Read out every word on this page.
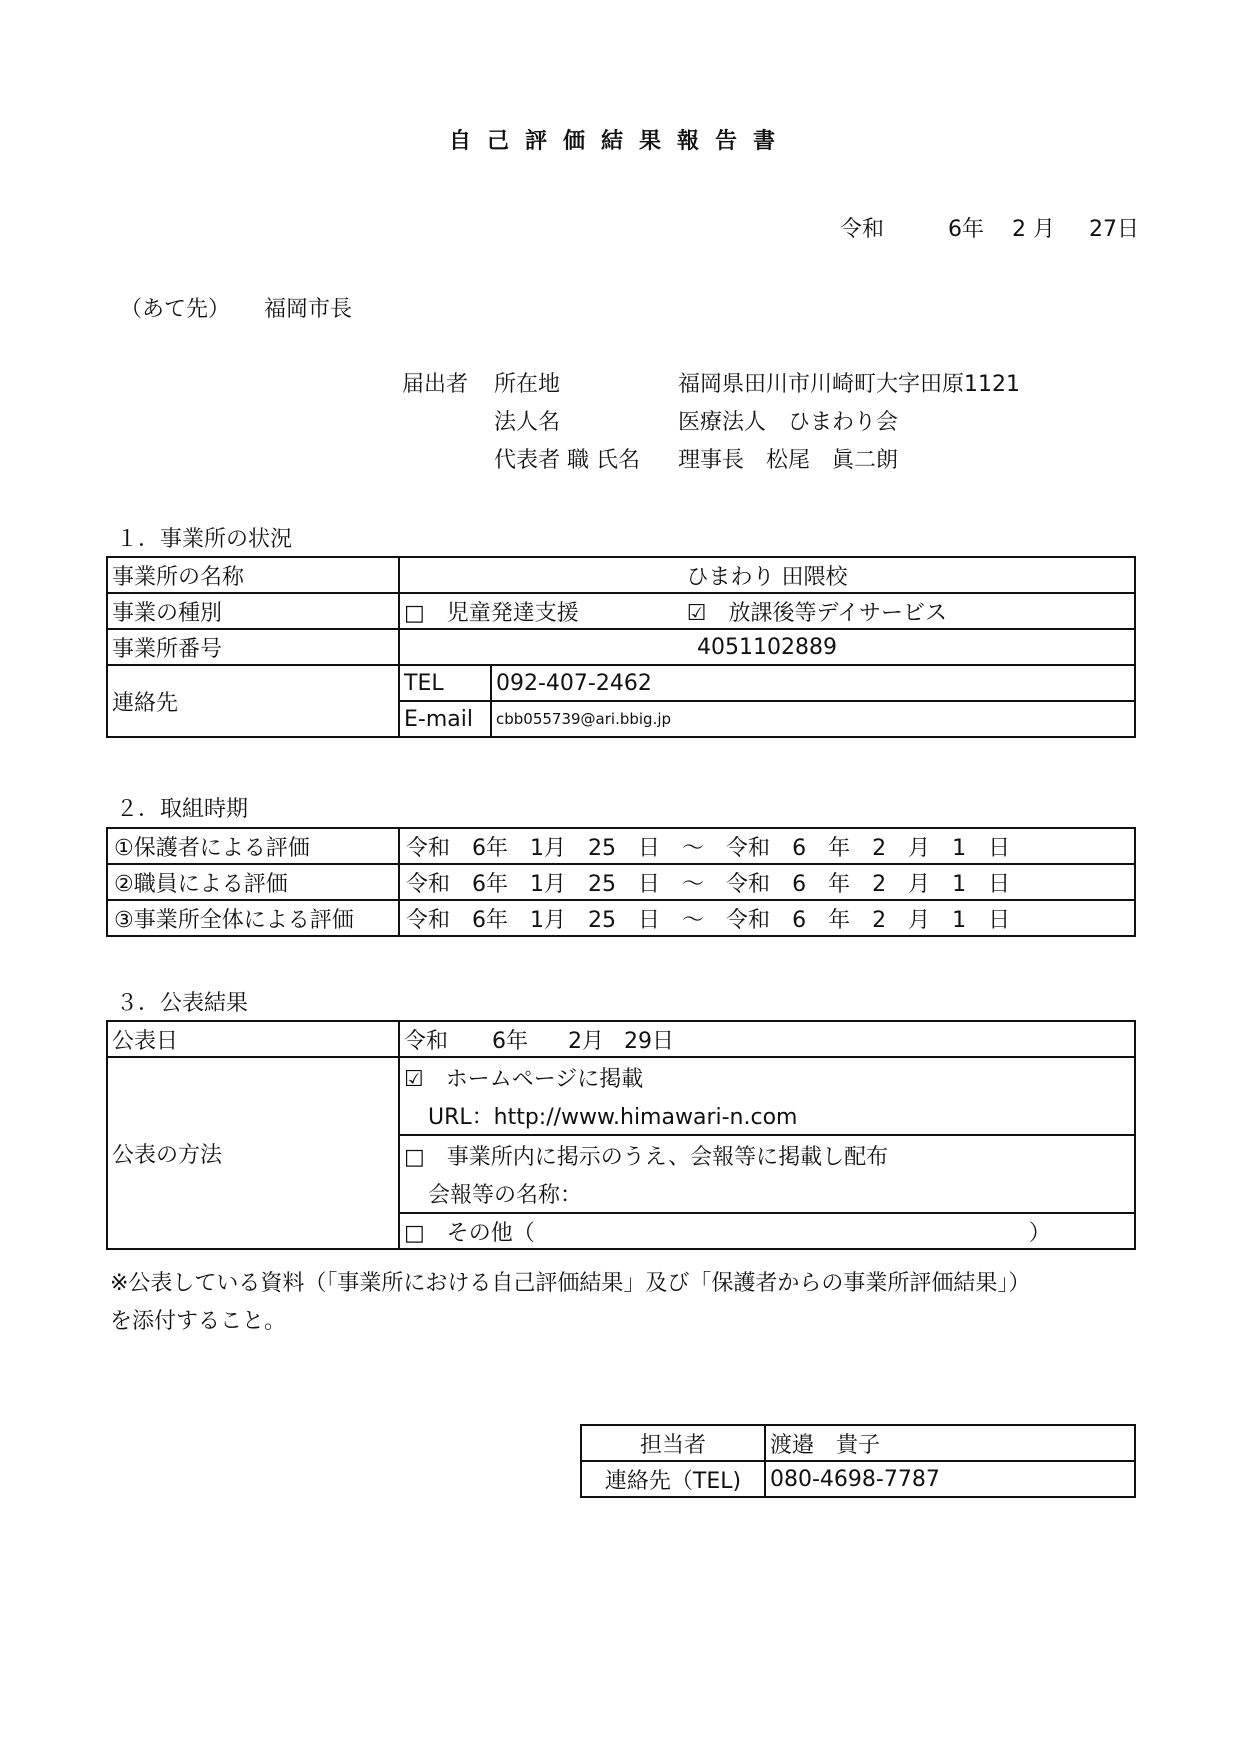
自己評価結果報告書
令和	6年 2 月 27日
（あて先） 福岡市長
届出者 所在地	福岡県田川市川崎町大字田原1121
法人名	医療法人　ひまわり会
代表者 職 氏名 理事長　松尾　眞二朗
１．事業所の状況
事業所の名称	ひまわり 田隈校	
事業の種別	□　児童発達支援 ☑　放課後等デイサービス	
事業所番号	4051102889	
連絡先	TEL	092-407-2462
	E-mail	cbb055739@ari.bbig.jp
２．取組時期
①保護者による評価	令和 6年 1月 25 日 ～ 令和 6 年 2 月 1 日
②職員による評価	令和 6年 1月 25 日 ～ 令和 6 年 2 月 1 日
③事業所全体による評価	令和 6年 1月 25 日 ～ 令和 6 年 2 月 1 日
３．公表結果
公表日	令和 6年 2月 29日
公表の方法	☑　ホームページに掲載
URL：http://www.himawari-n.com

□　事業所内に掲示のうえ、会報等に掲載し配布
会報等の名称：

	□　その他（ ）
※公表している資料（「事業所における自己評価結果」及び「保護者からの事業所評価結果」）
を添付すること。
担当者	渡邉　貴子
連絡先（TEL)	080-4698-7787
